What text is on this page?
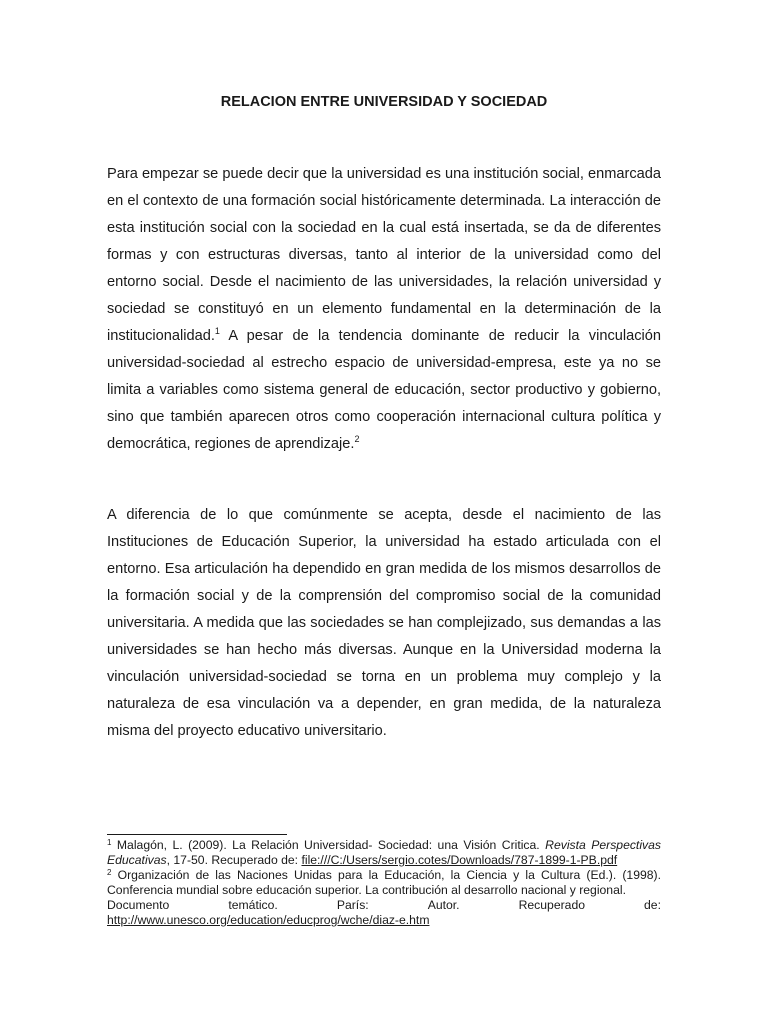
RELACION ENTRE UNIVERSIDAD Y SOCIEDAD
Para empezar se puede decir que la universidad es una institución social, enmarcada en el contexto de una formación social históricamente determinada. La interacción de esta institución social con la sociedad en la cual está insertada, se da de diferentes formas y con estructuras diversas, tanto al interior de la universidad como del entorno social. Desde el nacimiento de las universidades, la relación universidad y sociedad se constituyó en un elemento fundamental en la determinación de la institucionalidad.$^1$ A pesar de la tendencia dominante de reducir la vinculación universidad-sociedad al estrecho espacio de universidad-empresa, este ya no se limita a variables como sistema general de educación, sector productivo y gobierno, sino que también aparecen otros como cooperación internacional cultura política y democrática, regiones de aprendizaje.$^2$
A diferencia de lo que comúnmente se acepta, desde el nacimiento de las Instituciones de Educación Superior, la universidad ha estado articulada con el entorno. Esa articulación ha dependido en gran medida de los mismos desarrollos de la formación social y de la comprensión del compromiso social de la comunidad universitaria. A medida que las sociedades se han complejizado, sus demandas a las universidades se han hecho más diversas. Aunque en la Universidad moderna la vinculación universidad-sociedad se torna en un problema muy complejo y la naturaleza de esa vinculación va a depender, en gran medida, de la naturaleza misma del proyecto educativo universitario.

$^1$ Malagón, L. (2009). La Relación Universidad- Sociedad: una Visión Critica. Revista Perspectivas Educativas, 17-50. Recuperado de: file:///C:/Users/sergio.cotes/Downloads/787-1899-1-PB.pdf

$^2$ Organización de las Naciones Unidas para la Educación, la Ciencia y la Cultura (Ed.). (1998). Conferencia mundial sobre educación superior. La contribución al desarrollo nacional y regional.

Documento	temático.	París:	Autor.	Recuperado	de:

http://www.unesco.org/education/educprog/wche/diaz-e.htm
